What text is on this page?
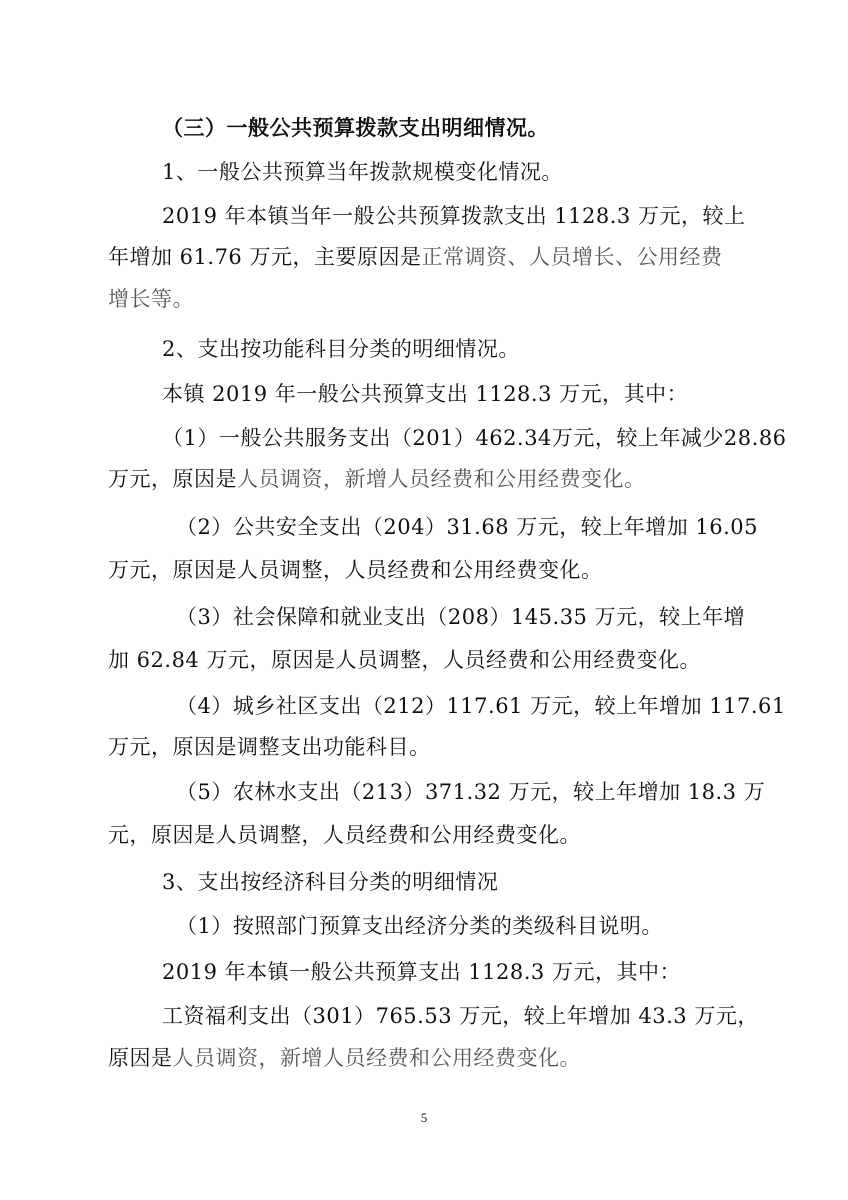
（三）一般公共预算拨款支出明细情况。
1、一般公共预算当年拨款规模变化情况。
2019 年本镇当年一般公共预算拨款支出 1128.3 万元，较上
年增加 61.76 万元，主要原因是正常调资、人员增长、公用经费
增长等。
2、支出按功能科目分类的明细情况。
本镇 2019 年一般公共预算支出 1128.3 万元，其中：
（1）一般公共服务支出（201）462.34万元，较上年减少28.86
万元，原因是人员调资，新增人员经费和公用经费变化。
（2）公共安全支出（204）31.68 万元，较上年增加 16.05
万元，原因是人员调整，人员经费和公用经费变化。
（3）社会保障和就业支出（208）145.35 万元，较上年增
加 62.84 万元，原因是人员调整，人员经费和公用经费变化。
（4）城乡社区支出（212）117.61 万元，较上年增加 117.61
万元，原因是调整支出功能科目。
（5）农林水支出（213）371.32 万元，较上年增加 18.3 万
元，原因是人员调整，人员经费和公用经费变化。
3、支出按经济科目分类的明细情况
（1）按照部门预算支出经济分类的类级科目说明。
2019 年本镇一般公共预算支出 1128.3 万元，其中：
工资福利支出（301）765.53 万元，较上年增加 43.3 万元，
原因是人员调资，新增人员经费和公用经费变化。
5
